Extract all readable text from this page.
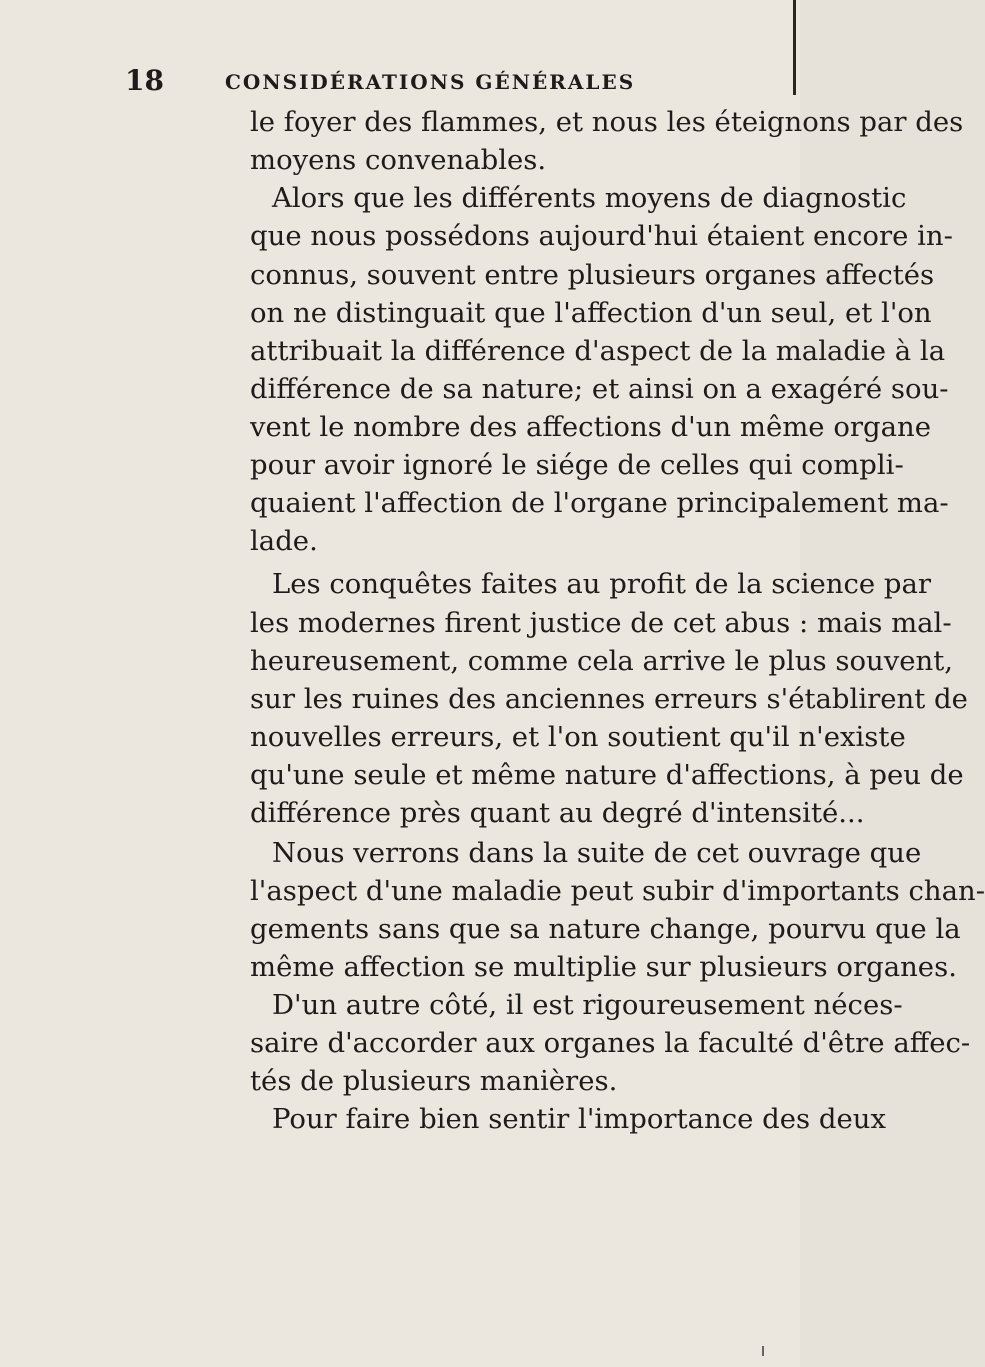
18	CONSIDÉRATIONS GÉNÉRALES
le foyer des flammes, et nous les éteignons par des
moyens convenables.
Alors que les différents moyens de diagnostic
que nous possédons aujourd'hui étaient encore in-
connus, souvent entre plusieurs organes affectés
on ne distinguait que l'affection d'un seul, et l'on
attribuait la différence d'aspect de la maladie à la
différence de sa nature; et ainsi on a exagéré sou-
vent le nombre des affections d'un même organe
pour avoir ignoré le siége de celles qui compli-
quaient l'affection de l'organe principalement ma-
lade.
Les conquêtes faites au profit de la science par
les modernes firent justice de cet abus : mais mal-
heureusement, comme cela arrive le plus souvent,
sur les ruines des anciennes erreurs s'établirent de
nouvelles erreurs, et l'on soutient qu'il n'existe
qu'une seule et même nature d'affections, à peu de
différence près quant au degré d'intensité...
Nous verrons dans la suite de cet ouvrage que
l'aspect d'une maladie peut subir d'importants chan-
gements sans que sa nature change, pourvu que la
même affection se multiplie sur plusieurs organes.
D'un autre côté, il est rigoureusement néces-
saire d'accorder aux organes la faculté d'être affec-
tés de plusieurs manières.
Pour faire bien sentir l'importance des deux
